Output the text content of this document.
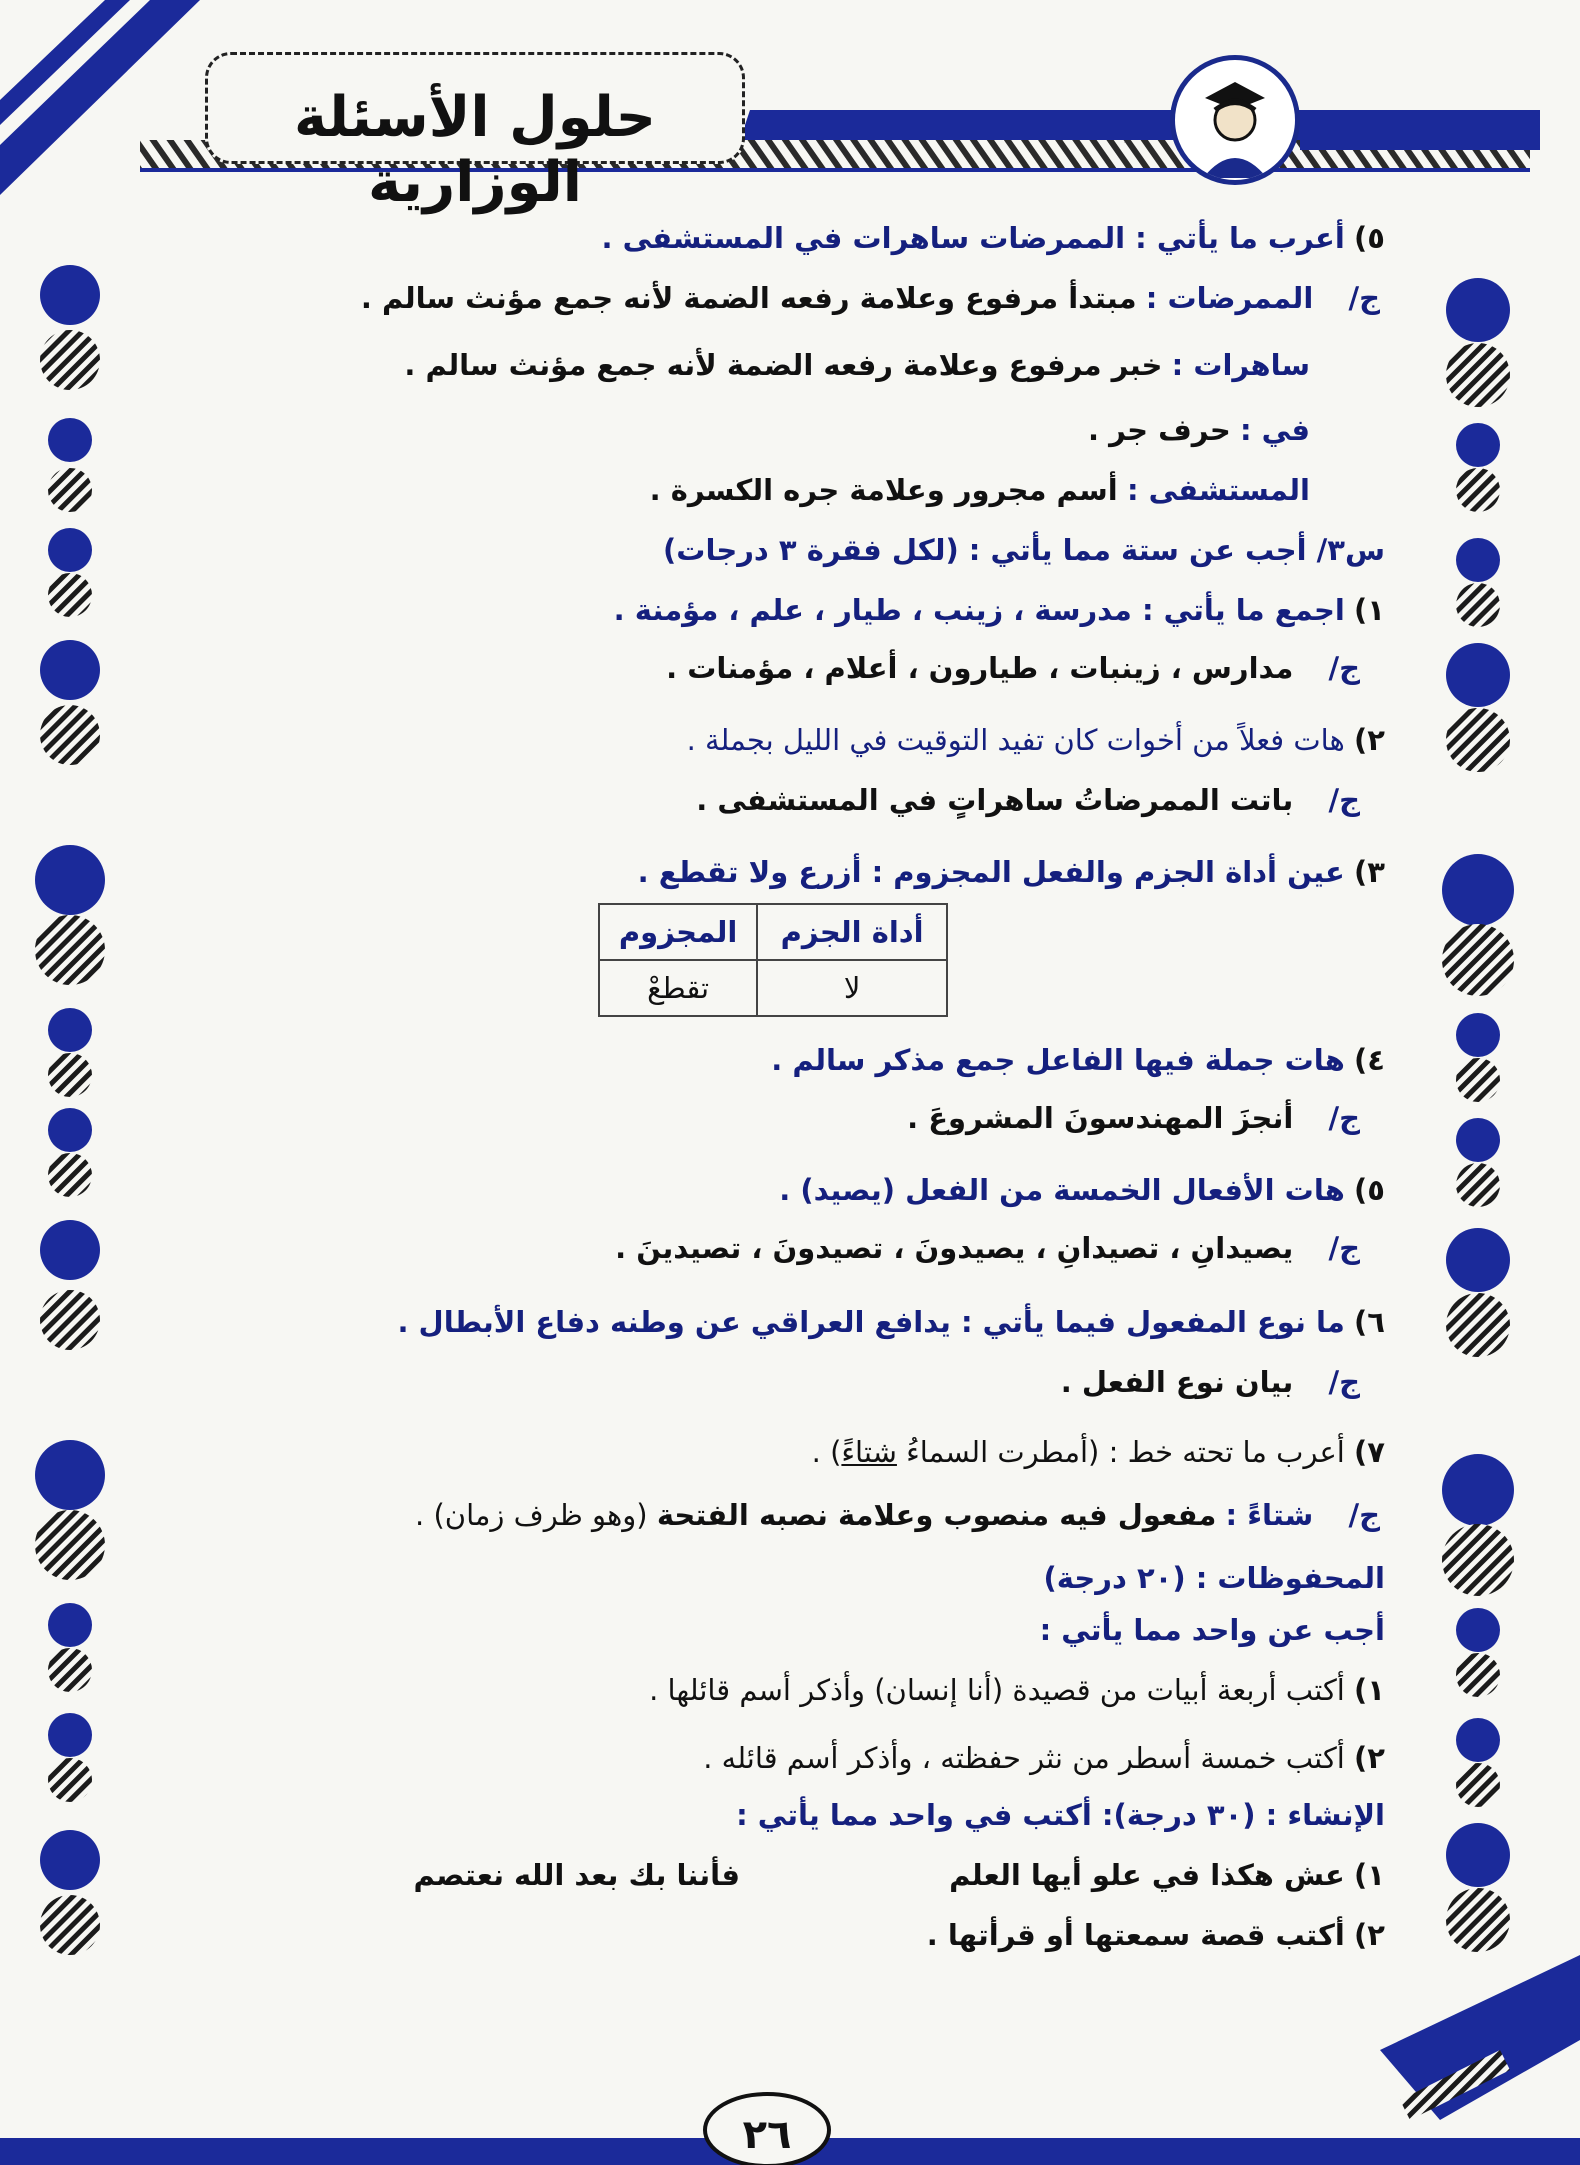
حلول الأسئلة الوزارية
٥) أعرب ما يأتي : الممرضات ساهرات في المستشفى .
ج/ الممرضات : مبتدأ مرفوع وعلامة رفعه الضمة لأنه جمع مؤنث سالم .
ساهرات : خبر مرفوع وعلامة رفعه الضمة لأنه جمع مؤنث سالم .
في : حرف جر .
المستشفى : أسم مجرور وعلامة جره الكسرة .
س٣/ أجب عن ستة مما يأتي : (لكل فقرة ٣ درجات)
١) اجمع ما يأتي : مدرسة ، زينب ، طيار ، علم ، مؤمنة .
ج/ مدارس ، زينبات ، طيارون ، أعلام ، مؤمنات .
٢) هات فعلاً من أخوات كان تفيد التوقيت في الليل بجملة .
ج/ باتت الممرضاتُ ساهراتٍ في المستشفى .
٣) عين أداة الجزم والفعل المجزوم : أزرع ولا تقطع .
أداة الجزم	المجزوم
لا	تقطعْ
٤) هات جملة فيها الفاعل جمع مذكر سالم .
ج/ أنجزَ المهندسونَ المشروعَ .
٥) هات الأفعال الخمسة من الفعل (يصيد) .
ج/ يصيدانِ ، تصيدانِ ، يصيدونَ ، تصيدونَ ، تصيدينَ .
٦) ما نوع المفعول فيما يأتي : يدافع العراقي عن وطنه دفاع الأبطال .
ج/ بيان نوع الفعل .
٧) أعرب ما تحته خط : (أمطرت السماءُ شتاءً) .
ج/ شتاءً : مفعول فيه منصوب وعلامة نصبه الفتحة (وهو ظرف زمان) .
المحفوظات : (٢٠ درجة)
أجب عن واحد مما يأتي :
١) أكتب أربعة أبيات من قصيدة (أنا إنسان) وأذكر أسم قائلها .
٢) أكتب خمسة أسطر من نثر حفظته ، وأذكر أسم قائله .
الإنشاء : (٣٠ درجة): أكتب في واحد مما يأتي :
١) عش هكذا في علو أيها العلم
فأننا بك بعد الله نعتصم
٢) أكتب قصة سمعتها أو قرأتها .
٢٦
